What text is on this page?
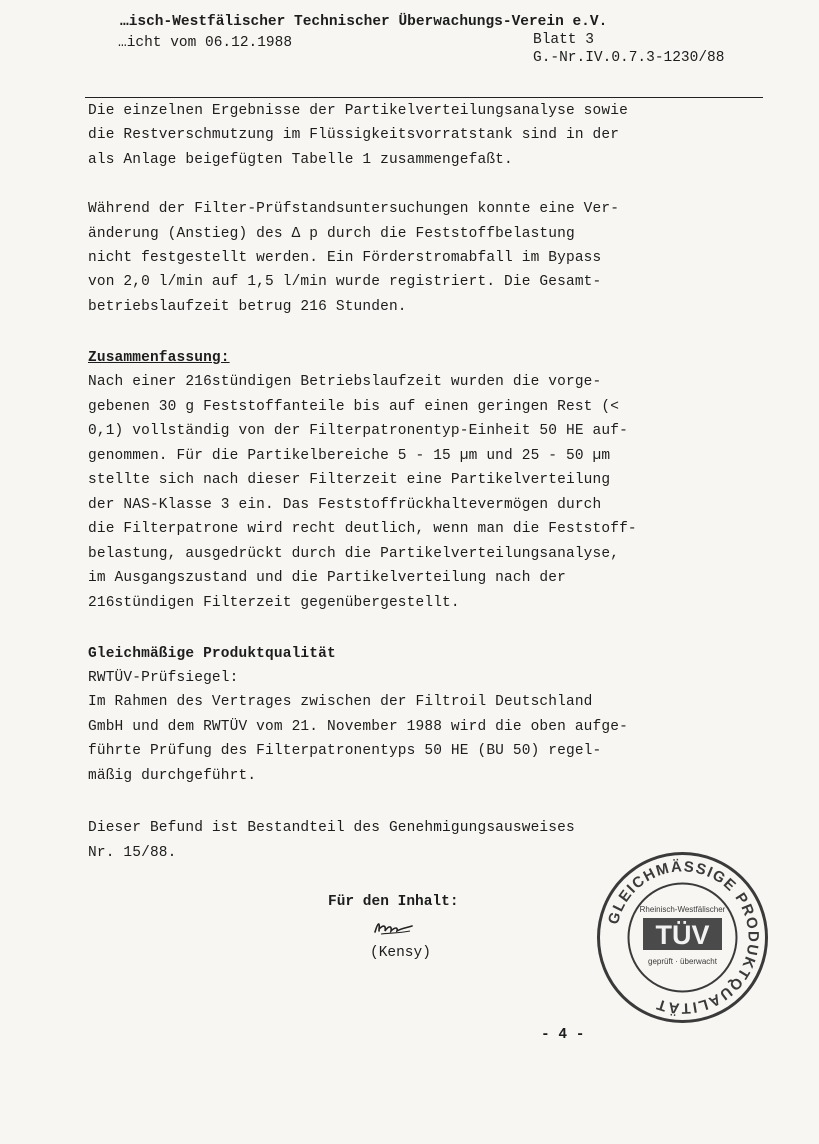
…isch-Westfälischer Technischer Überwachungs-Verein e.V.
…icht vom 06.12.1988	Blatt 3
G.-Nr.IV.0.7.3-1230/88
Die einzelnen Ergebnisse der Partikelverteilungsanalyse sowie
die Restverschmutzung im Flüssigkeitsvorratstank sind in der
als Anlage beigefügten Tabelle 1 zusammengefaßt.
Während der Filter-Prüfstandsuntersuchungen konnte eine Ver-
änderung (Anstieg) des ∆ p durch die Feststoffbelastung
nicht festgestellt werden. Ein Förderstromabfall im Bypass
von 2,0 l/min auf 1,5 l/min wurde registriert. Die Gesamt-
betriebslaufzeit betrug 216 Stunden.
Zusammenfassung:
Nach einer 216stündigen Betriebslaufzeit wurden die vorge-
gebenen 30 g Feststoffanteile bis auf einen geringen Rest (<
0,1) vollständig von der Filterpatronentyp-Einheit 50 HE auf-
genommen. Für die Partikelbereiche 5 - 15 µm und 25 - 50 µm
stellte sich nach dieser Filterzeit eine Partikelverteilung
der NAS-Klasse 3 ein. Das Feststoffrückhaltevermögen durch
die Filterpatrone wird recht deutlich, wenn man die Feststoff-
belastung, ausgedrückt durch die Partikelverteilungsanalyse,
im Ausgangszustand und die Partikelverteilung nach der
216stündigen Filterzeit gegenübergestellt.
Gleichmäßige Produktqualität
RWTÜV-Prüfsiegel:
Im Rahmen des Vertrages zwischen der Filtroil Deutschland
GmbH und dem RWTÜV vom 21. November 1988 wird die oben aufge-
führte Prüfung des Filterpatronentyps 50 HE (BU 50) regel-
mäßig durchgeführt.
Dieser Befund ist Bestandteil des Genehmigungsausweises
Nr. 15/88.
Für den Inhalt:
(Kensy)
GLEICHMÄSSIGE PRODUKTQUALITÄT
Rheinisch-Westfälischer
TÜV
geprüft · überwacht
- 4 -
